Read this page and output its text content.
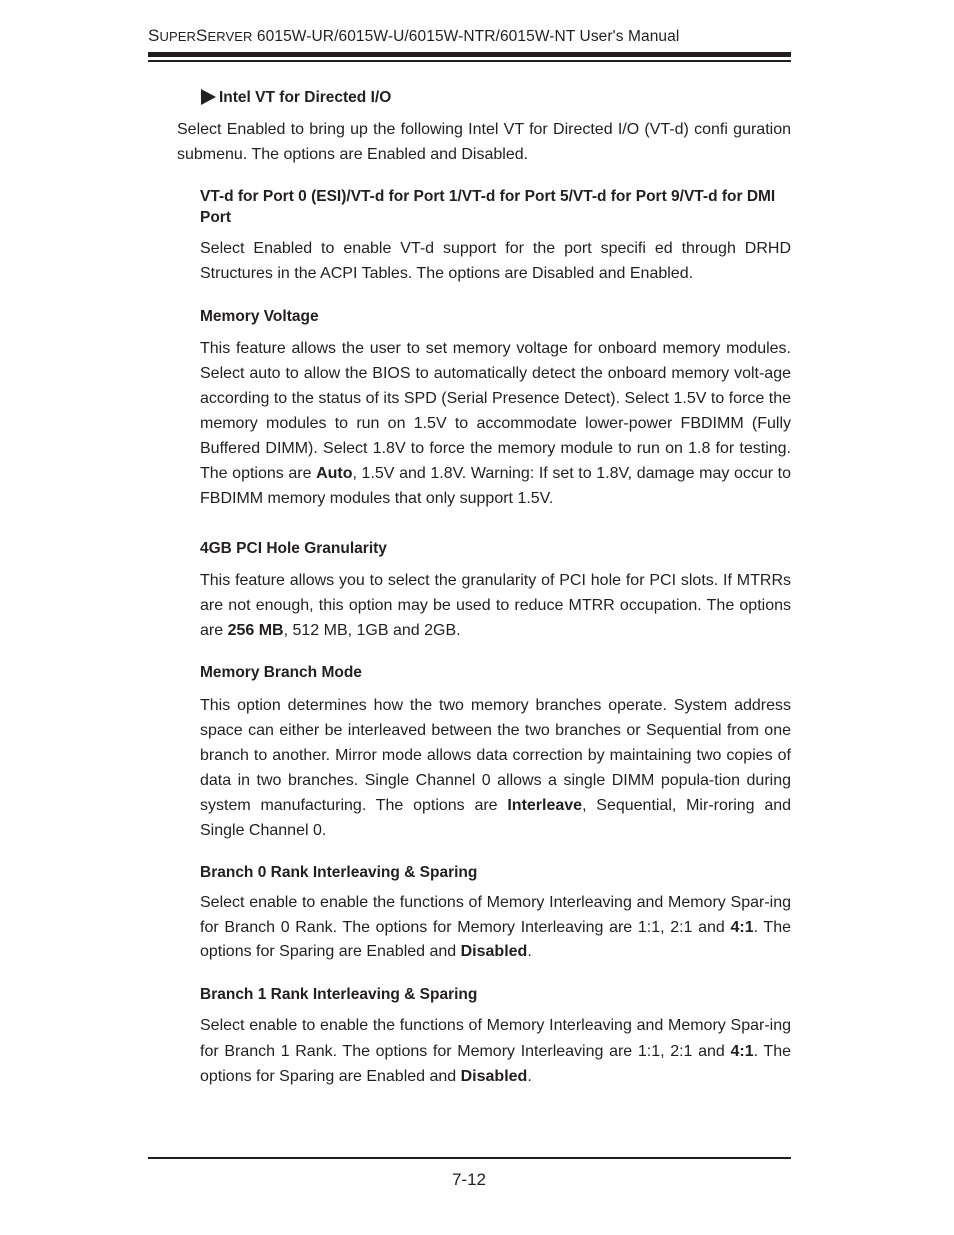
SUPERSERVER 6015W-UR/6015W-U/6015W-NTR/6015W-NT User's Manual
Intel VT for Directed I/O
Select Enabled to bring up the following Intel VT for Directed I/O (VT-d) confi guration submenu. The options are Enabled and Disabled.
VT-d for Port 0 (ESI)/VT-d for Port 1/VT-d for Port 5/VT-d for Port 9/VT-d for DMI Port
Select Enabled to enable VT-d support for the port specifi ed through DRHD Structures in the ACPI Tables. The options are Disabled and Enabled.
Memory Voltage
This feature allows the user to set memory voltage for onboard memory modules. Select auto to allow the BIOS to automatically detect the onboard memory volt-age according to the status of its SPD (Serial Presence Detect). Select 1.5V to force the memory modules to run on 1.5V to accommodate lower-power FBDIMM (Fully Buffered DIMM). Select 1.8V to force the memory module to run on 1.8 for testing. The options are Auto, 1.5V and 1.8V. Warning: If set to 1.8V, damage may occur to FBDIMM memory modules that only support 1.5V.
4GB PCI Hole Granularity
This feature allows you to select the granularity of PCI hole for PCI slots. If MTRRs are not enough, this option may be used to reduce MTRR occupation. The options are 256 MB, 512 MB, 1GB and 2GB.
Memory Branch Mode
This option determines how the two memory branches operate. System address space can either be interleaved between the two branches or Sequential from one branch to another. Mirror mode allows data correction by maintaining two copies of data in two branches. Single Channel 0 allows a single DIMM popula-tion during system manufacturing. The options are Interleave, Sequential, Mir-roring and Single Channel 0.
Branch 0 Rank Interleaving & Sparing
Select enable to enable the functions of Memory Interleaving and Memory Spar-ing for Branch 0 Rank. The options for Memory Interleaving are 1:1, 2:1 and 4:1. The options for Sparing are Enabled and Disabled.
Branch 1 Rank Interleaving & Sparing
Select enable to enable the functions of Memory Interleaving and Memory Spar-ing for Branch 1 Rank. The options for Memory Interleaving are 1:1, 2:1 and 4:1. The options for Sparing are Enabled and Disabled.
7-12
